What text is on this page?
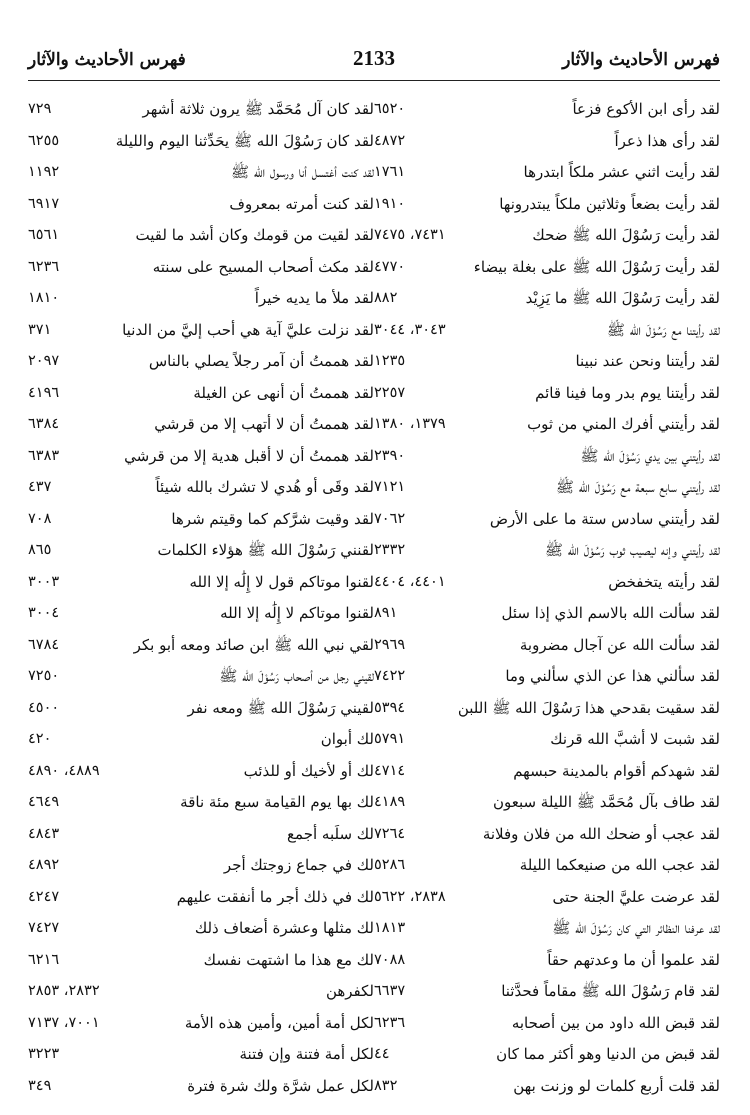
فهرس الأحاديث والآثار
2133
فهرس الأحاديث والآثار
لقد رأى ابن الأكوع فزعاً
٦٥٢٠
لقد رأى هذا ذعراً
٤٨٧٢
لقد رأيت اثني عشر ملكاً ابتدرها
١٧٦١
لقد رأيت بضعاً وثلاثين ملكاً يبتدرونها
١٩١٠
لقد رأيت رَسُوْلَ الله ﷺ ضحك
٧٤٣١، ٧٤٧٥
لقد رأيت رَسُوْلَ الله ﷺ على بغلة بيضاء
٤٧٧٠
لقد رأيت رَسُوْلَ الله ﷺ ما يَزِيْد
٨٨٢
لقد رأيتنا مع رَسُوْلَ الله ﷺ
٣٠٤٣، ٣٠٤٤
لقد رأيتنا ونحن عند نبينا
١٢٣٥
لقد رأيتنا يوم بدر وما فينا قائم
٢٢٥٧
لقد رأيتني أفرك المني من ثوب
١٣٧٩، ١٣٨٠
لقد رأيتني بين يدي رَسُوْلَ الله ﷺ
٢٣٩٠
لقد رأيتني سابع سبعة مع رَسُوْلَ الله ﷺ
٧١٢١
لقد رأيتني سادس ستة ما على الأرض
٧٠٦٢
لقد رأيتني وإنه ليصيب ثوب رَسُوْلَ الله ﷺ
٢٣٣٢
لقد رأيته يتخفخض
٤٤٠١، ٤٤٠٤
لقد سألت الله بالاسم الذي إذا سئل
٨٩١
لقد سألت الله عن آجال مضروبة
٢٩٦٩
لقد سألني هذا عن الذي سألني وما
٧٤٢٢
لقد سقيت بقدحي هذا رَسُوْلَ الله ﷺ اللبن
٥٣٩٤
لقد شبت لا أشبَّ الله قرنك
٥٧٩١
لقد شهدكم أقوام بالمدينة حبسهم
٤٧١٤
لقد طاف بآل مُحَمَّد ﷺ الليلة سبعون
٤١٨٩
لقد عجب أو ضحك الله من فلان وفلانة
٧٢٦٤
لقد عجب الله من صنيعكما الليلة
٥٢٨٦
لقد عرضت عليَّ الجنة حتى
٢٨٣٨، ٥٦٢٢
لقد عرفنا النظائر التي كان رَسُوْلَ الله ﷺ
١٨١٣
لقد علموا أن ما وعدتهم حقاً
٧٠٨٨
لقد قام رَسُوْلَ الله ﷺ مقاماً فحدَّثنا
٦٦٣٧
لقد قبض الله داود من بين أصحابه
٦٢٣٦
لقد قبض من الدنيا وهو أكثر مما كان
٤٤
لقد قلت أربع كلمات لو وزنت بهن
٨٣٢
لقد كان آل مُحَمَّد ﷺ يرون ثلاثة أشهر
٧٢٩
لقد كان رَسُوْلَ الله ﷺ يحَدِّثنا اليوم والليلة
٦٢٥٥
لقد كنت أغتسل أنا ورسول الله ﷺ
١١٩٢
لقد كنت أمرته بمعروف
٦٩١٧
لقد لقيت من قومك وكان أشد ما لقيت
٦٥٦١
لقد مكث أصحاب المسيح على سنته
٦٢٣٦
لقد ملأ ما يديه خيراً
١٨١٠
لقد نزلت عليَّ آية هي أحب إليَّ من الدنيا
٣٧١
لقد هممتُ أن آمر رجلاً يصلي بالناس
٢٠٩٧
لقد هممتُ أن أنهى عن الغيلة
٤١٩٦
لقد هممتُ أن لا أتهب إلا من قرشي
٦٣٨٤
لقد هممتُ أن لا أقبل هدية إلا من قرشي
٦٣٨٣
لقد وقَى أو هُدي لا تشرك بالله شيئاً
٤٣٧
لقد وقيت شرَّكم كما وقيتم شرها
٧٠٨
لقنني رَسُوْلَ الله ﷺ هؤلاء الكلمات
٨٦٥
لقنوا موتاكم قول لا إِلَٰه إلا الله
٣٠٠٣
لقنوا موتاكم لا إِلَٰه إلا الله
٣٠٠٤
لقي نبي الله ﷺ ابن صائد ومعه أبو بكر
٦٧٨٤
لقيني رجل من أصحاب رَسُوْلَ الله ﷺ
٧٢٥٠
لقيني رَسُوْلَ الله ﷺ ومعه نفر
٤٥٠٠
لك أبوان
٤٢٠
لك أو لأخيك أو للذئب
٤٨٨٩، ٤٨٩٠
لك بها يوم القيامة سبع مئة ناقة
٤٦٤٩
لك سلَبه أجمع
٤٨٤٣
لك في جماع زوجتك أجر
٤٨٩٢
لك في ذلك أجر ما أنفقت عليهم
٤٢٤٧
لك مثلها وعشرة أضعاف ذلك
٧٤٢٧
لك مع هذا ما اشتهت نفسك
٦٢١٦
لكفرهن
٢٨٣٢، ٢٨٥٣
لكل أمة أمين، وأمين هذه الأمة
٧٠٠١، ٧١٣٧
لكل أمة فتنة وإن فتنة
٣٢٢٣
لكل عمل شرَّة ولك شرة فترة
٣٤٩
